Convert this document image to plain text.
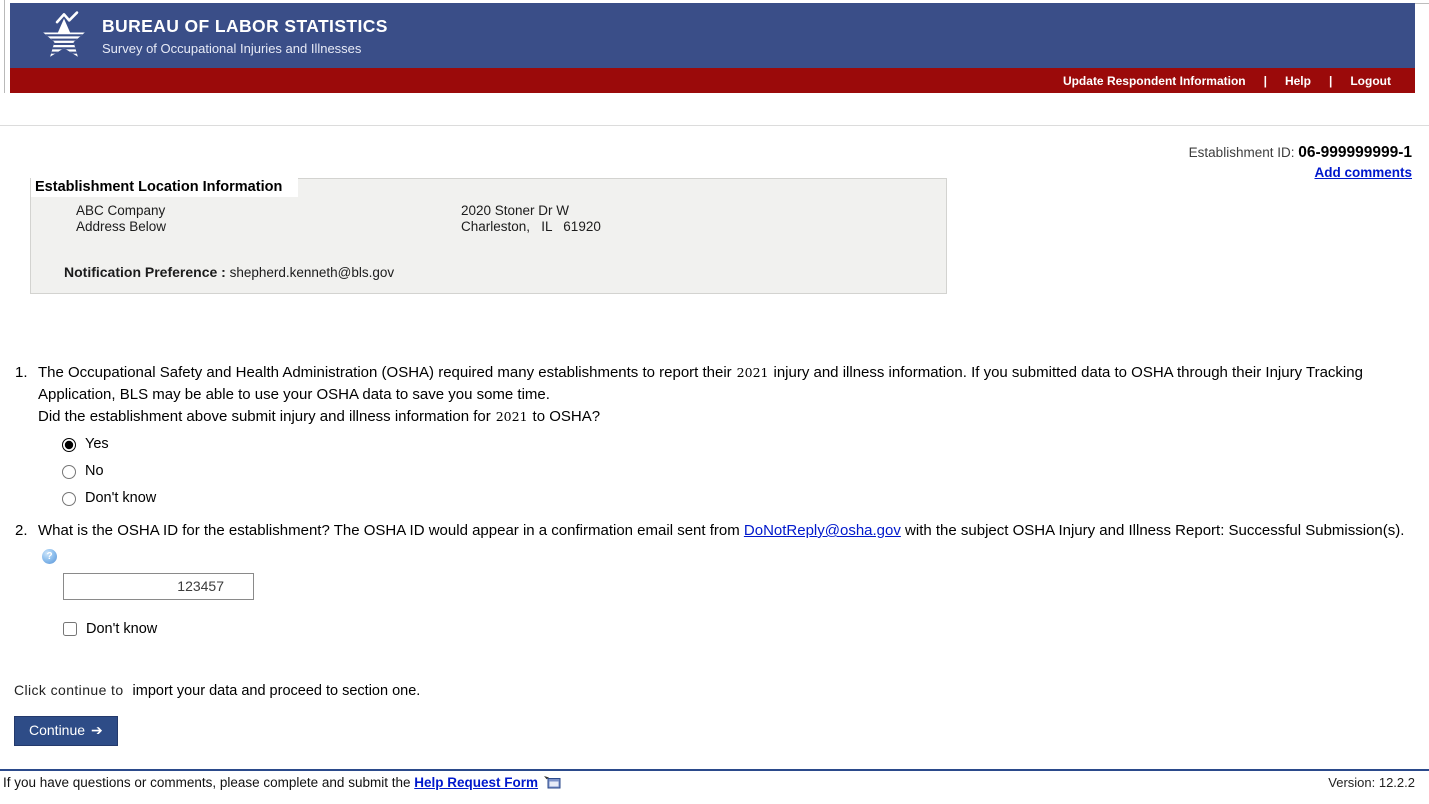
BUREAU OF LABOR STATISTICS
Survey of Occupational Injuries and Illnesses
Update Respondent Information | Help | Logout
Establishment ID: 06-999999999-1
Add comments
Establishment Location Information
ABC Company
Address Below
2020 Stoner Dr W
Charleston,   IL   61920
Notification Preference : shepherd.kenneth@bls.gov
1. The Occupational Safety and Health Administration (OSHA) required many establishments to report their 2021 injury and illness information. If you submitted data to OSHA through their Injury Tracking Application, BLS may be able to use your OSHA data to save you some time.
Did the establishment above submit injury and illness information for 2021 to OSHA?
Yes
No
Don't know
2. What is the OSHA ID for the establishment? The OSHA ID would appear in a confirmation email sent from DoNotReply@osha.gov with the subject OSHA Injury and Illness Report: Successful Submission(s).?
123457
Don't know
Click continue to import your data and proceed to section one.
Continue ➔
If you have questions or comments, please complete and submit the Help Request Form	Version: 12.2.2
